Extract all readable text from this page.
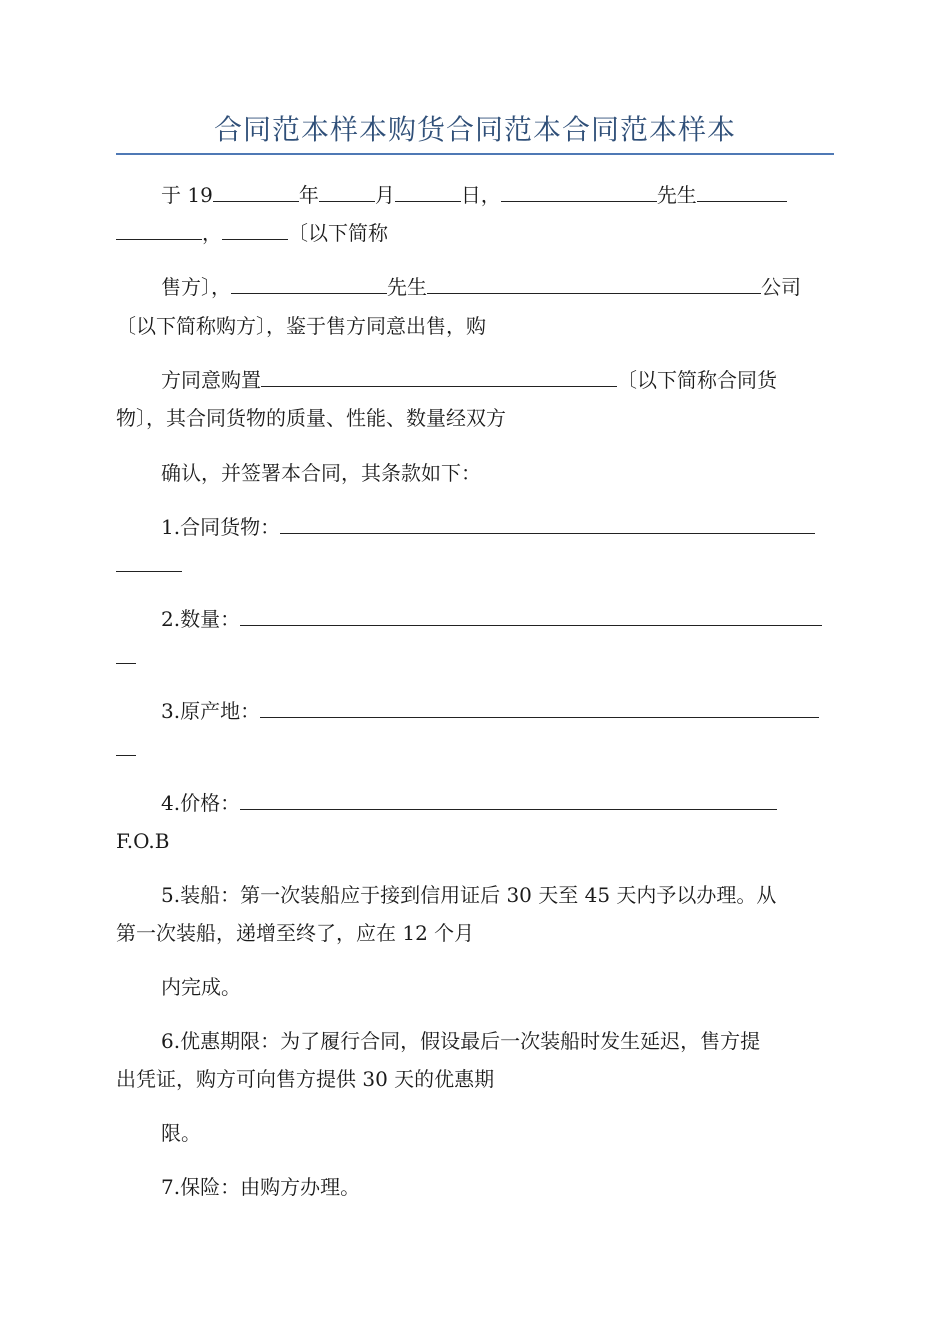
合同范本样本购货合同范本合同范本样本
于 19	年	月	日，	先生
，	〔以下简称
售方〕，	先生	公司
〔以下简称购方〕，鉴于售方同意出售，购
方同意购置	〔以下简称合同货
物〕，其合同货物的质量、性能、数量经双方
确认，并签署本合同，其条款如下：
1.合同货物：
2.数量：
3.原产地：
4.价格：
F.O.B
5.装船：第一次装船应于接到信用证后 30 天至 45 天内予以办理。从
第一次装船，递增至终了，应在 12 个月
内完成。
6.优惠期限：为了履行合同，假设最后一次装船时发生延迟，售方提
出凭证，购方可向售方提供 30 天的优惠期
限。
7.保险：由购方办理。
